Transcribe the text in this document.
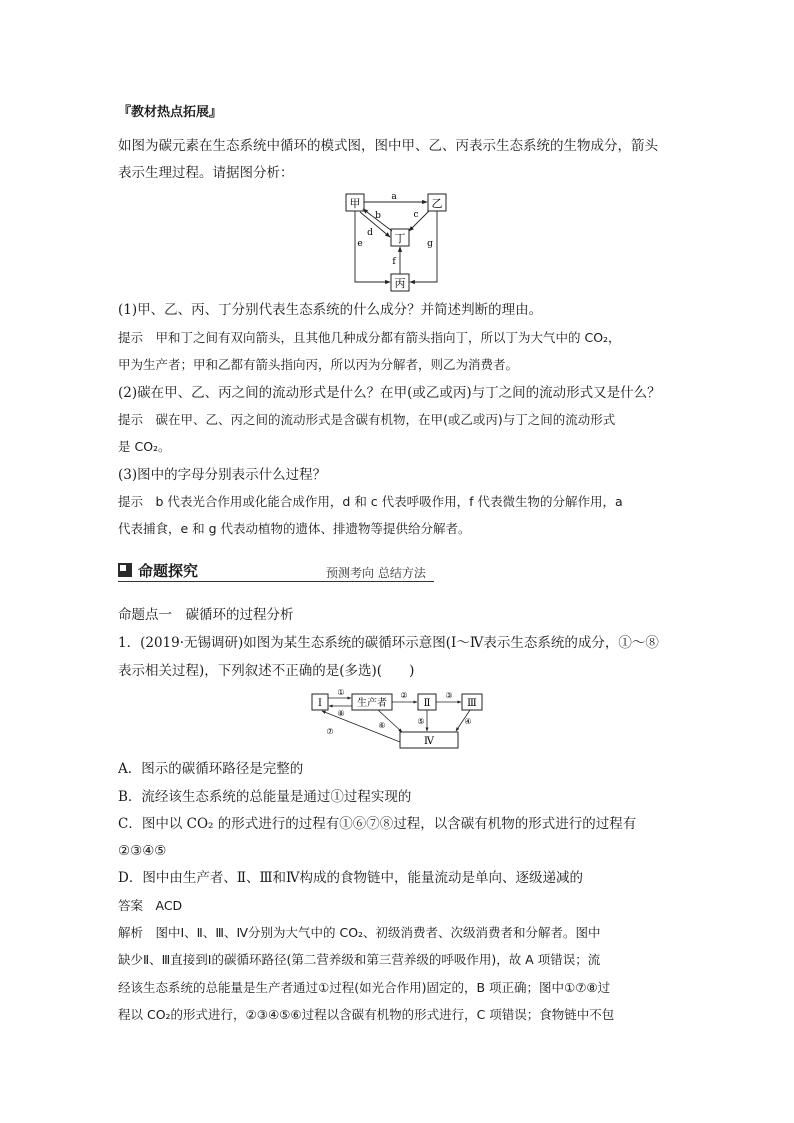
『教材热点拓展』
如图为碳元素在生态系统中循环的模式图，图中甲、乙、丙表示生态系统的生物成分，箭头
表示生理过程。请据图分析：
甲	乙
丁
丙
a
b
d
c
f
e	g
(1)甲、乙、丙、丁分别代表生态系统的什么成分？并简述判断的理由。
提示　甲和丁之间有双向箭头，且其他几种成分都有箭头指向丁，所以丁为大气中的 CO₂，
甲为生产者；甲和乙都有箭头指向丙，所以丙为分解者，则乙为消费者。
(2)碳在甲、乙、丙之间的流动形式是什么？在甲(或乙或丙)与丁之间的流动形式又是什么？
提示　碳在甲、乙、丙之间的流动形式是含碳有机物，在甲(或乙或丙)与丁之间的流动形式
是 CO₂。
(3)图中的字母分别表示什么过程？
提示　b 代表光合作用或化能合成作用，d 和 c 代表呼吸作用，f 代表微生物的分解作用，a
代表捕食，e 和 g 代表动植物的遗体、排遗物等提供给分解者。
命题探究	预测考向 总结方法
命题点一　碳循环的过程分析
1．(2019·无锡调研)如图为某生态系统的碳循环示意图(Ⅰ～Ⅳ表示生态系统的成分，①～⑧
表示相关过程)，下列叙述不正确的是(多选)(　　)
Ⅰ	生产者	Ⅱ	Ⅲ
Ⅳ
①
⑧
②	③
⑤	④
⑥
⑦
A．图示的碳循环路径是完整的
B．流经该生态系统的总能量是通过①过程实现的
C．图中以 CO₂ 的形式进行的过程有①⑥⑦⑧过程，以含碳有机物的形式进行的过程有
②③④⑤
D．图中由生产者、Ⅱ、Ⅲ和Ⅳ构成的食物链中，能量流动是单向、逐级递减的
答案　ACD
解析　图中Ⅰ、Ⅱ、Ⅲ、Ⅳ分别为大气中的 CO₂、初级消费者、次级消费者和分解者。图中
缺少Ⅱ、Ⅲ直接到Ⅰ的碳循环路径(第二营养级和第三营养级的呼吸作用)，故 A 项错误；流
经该生态系统的总能量是生产者通过①过程(如光合作用)固定的，B 项正确；图中①⑦⑧过
程以 CO₂的形式进行，②③④⑤⑥过程以含碳有机物的形式进行，C 项错误；食物链中不包
